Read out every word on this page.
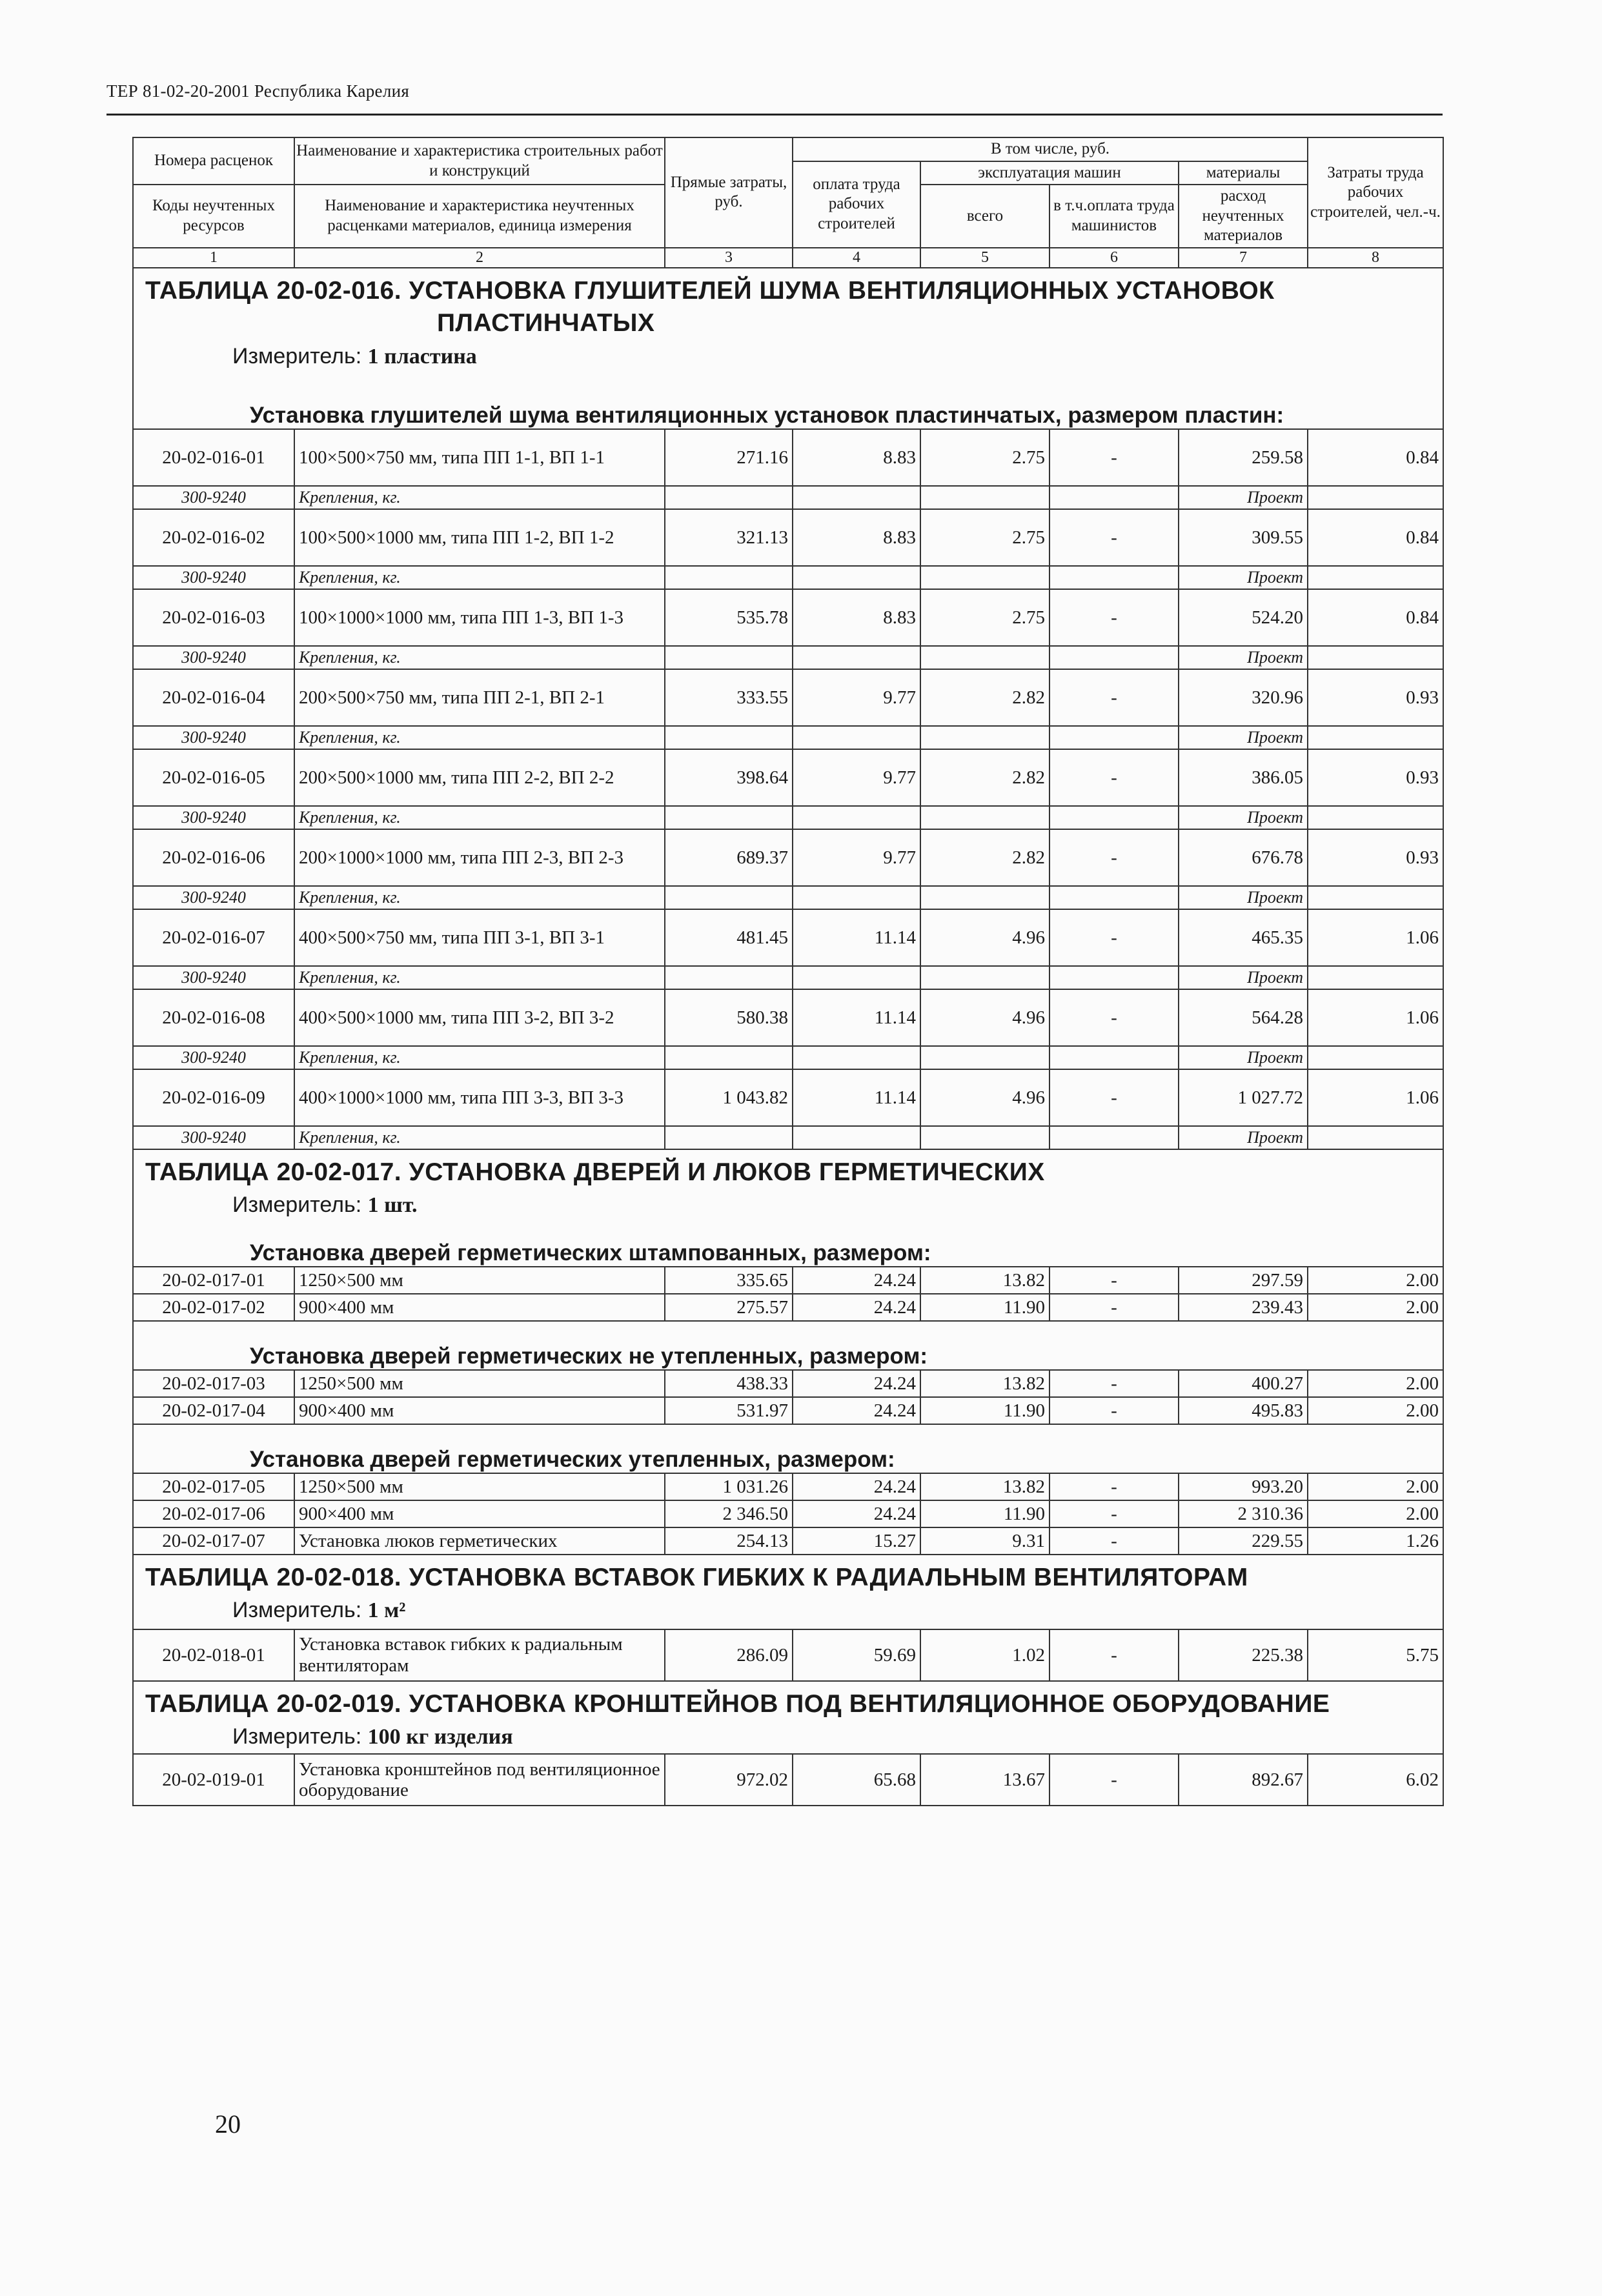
ТЕР 81-02-20-2001 Республика Карелия
Номера расценок	Наименование и характеристика строительных работ и конструкций	Прямые затраты, руб.	В том числе, руб.				Затраты труда рабочих строителей, чел.-ч.
			оплата труда рабочих строителей	эксплуатация машин		материалы	
Коды неучтенных ресурсов	Наименование и характеристика неучтенных расценками материалов, единица измерения			всего	в т.ч.оплата труда машинистов	расход неучтенных материалов	

1	2	3	4	5	6	7	8

ТАБЛИЦА 20-02-016. УСТАНОВКА ГЛУШИТЕЛЕЙ ШУМА ВЕНТИЛЯЦИОННЫХ УСТАНОВОК
ПЛАСТИНЧАТЫХ
Измеритель: 1 пластина							

Установка глушителей шума вентиляционных установок пластинчатых, размером пластин:							
20-02-016-01	100×500×750 мм, типа ПП 1-1, ВП 1-1	271.16	8.83	2.75	-	259.58	0.84
300-9240	Крепления, кг.					Проект	
20-02-016-02	100×500×1000 мм, типа ПП 1-2, ВП 1-2	321.13	8.83	2.75	-	309.55	0.84
300-9240	Крепления, кг.					Проект	
20-02-016-03	100×1000×1000 мм, типа ПП 1-3, ВП 1-3	535.78	8.83	2.75	-	524.20	0.84
300-9240	Крепления, кг.					Проект	
20-02-016-04	200×500×750 мм, типа ПП 2-1, ВП 2-1	333.55	9.77	2.82	-	320.96	0.93
300-9240	Крепления, кг.					Проект	
20-02-016-05	200×500×1000 мм, типа ПП 2-2, ВП 2-2	398.64	9.77	2.82	-	386.05	0.93
300-9240	Крепления, кг.					Проект	
20-02-016-06	200×1000×1000 мм, типа ПП 2-3, ВП 2-3	689.37	9.77	2.82	-	676.78	0.93
300-9240	Крепления, кг.					Проект	
20-02-016-07	400×500×750 мм, типа ПП 3-1, ВП 3-1	481.45	11.14	4.96	-	465.35	1.06
300-9240	Крепления, кг.					Проект	
20-02-016-08	400×500×1000 мм, типа ПП 3-2, ВП 3-2	580.38	11.14	4.96	-	564.28	1.06
300-9240	Крепления, кг.					Проект	
20-02-016-09	400×1000×1000 мм, типа ПП 3-3, ВП 3-3	1 043.82	11.14	4.96	-	1 027.72	1.06
300-9240	Крепления, кг.					Проект	

ТАБЛИЦА 20-02-017. УСТАНОВКА ДВЕРЕЙ И ЛЮКОВ ГЕРМЕТИЧЕСКИХ
Измеритель: 1 шт.							

Установка дверей герметических штампованных, размером:							
20-02-017-01	1250×500 мм	335.65	24.24	13.82	-	297.59	2.00
20-02-017-02	900×400 мм	275.57	24.24	11.90	-	239.43	2.00
Установка дверей герметических не утепленных, размером:							
20-02-017-03	1250×500 мм	438.33	24.24	13.82	-	400.27	2.00
20-02-017-04	900×400 мм	531.97	24.24	11.90	-	495.83	2.00
Установка дверей герметических утепленных, размером:							
20-02-017-05	1250×500 мм	1 031.26	24.24	13.82	-	993.20	2.00
20-02-017-06	900×400 мм	2 346.50	24.24	11.90	-	2 310.36	2.00
20-02-017-07	Установка люков герметических	254.13	15.27	9.31	-	229.55	1.26

ТАБЛИЦА 20-02-018. УСТАНОВКА ВСТАВОК ГИБКИХ К РАДИАЛЬНЫМ ВЕНТИЛЯТОРАМ
Измеритель: 1 м²							

20-02-018-01	Установка вставок гибких к радиальным вентиляторам	286.09	59.69	1.02	-	225.38	5.75

ТАБЛИЦА 20-02-019. УСТАНОВКА КРОНШТЕЙНОВ ПОД ВЕНТИЛЯЦИОННОЕ ОБОРУДОВАНИЕ
Измеритель: 100 кг изделия							

20-02-019-01	Установка кронштейнов под вентиляционное оборудование	972.02	65.68	13.67	-	892.67	6.02
20
